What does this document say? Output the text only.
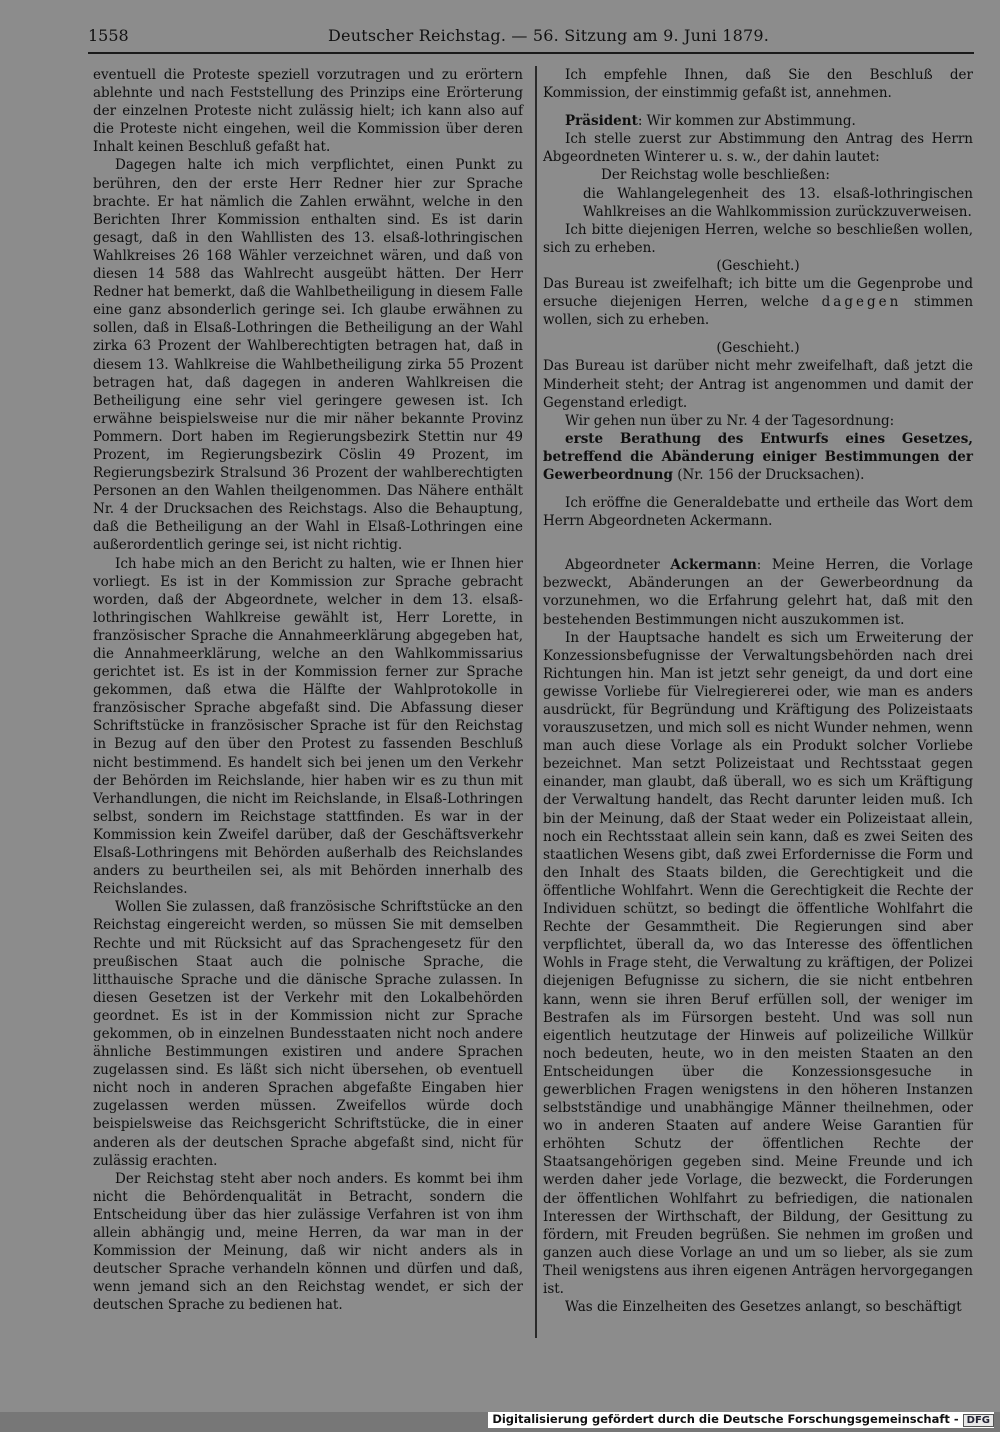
1558	Deutscher Reichstag. — 56. Sitzung am 9. Juni 1879.

eventuell die Proteste speziell vorzutragen und zu erörtern ablehnte und nach Feststellung des Prinzips eine Erörterung der einzelnen Proteste nicht zulässig hielt; ich kann also auf die Proteste nicht eingehen, weil die Kommission über deren Inhalt keinen Beschluß gefaßt hat.

Dagegen halte ich mich verpflichtet, einen Punkt zu berühren, den der erste Herr Redner hier zur Sprache brachte. Er hat nämlich die Zahlen erwähnt, welche in den Berichten Ihrer Kommission enthalten sind. Es ist darin gesagt, daß in den Wahllisten des 13. elsaß-lothringischen Wahlkreises 26 168 Wähler verzeichnet wären, und daß von diesen 14 588 das Wahlrecht ausgeübt hätten. Der Herr Redner hat bemerkt, daß die Wahlbetheiligung in diesem Falle eine ganz absonderlich geringe sei. Ich glaube erwähnen zu sollen, daß in Elsaß-Lothringen die Betheiligung an der Wahl zirka 63 Prozent der Wahlberechtigten betragen hat, daß in diesem 13. Wahlkreise die Wahlbetheiligung zirka 55 Prozent betragen hat, daß dagegen in anderen Wahlkreisen die Betheiligung eine sehr viel geringere gewesen ist. Ich erwähne beispielsweise nur die mir näher bekannte Provinz Pommern. Dort haben im Regierungsbezirk Stettin nur 49 Prozent, im Regierungsbezirk Cöslin 49 Prozent, im Regierungsbezirk Stralsund 36 Prozent der wahlberechtigten Personen an den Wahlen theilgenommen. Das Nähere enthält Nr. 4 der Drucksachen des Reichstags. Also die Behauptung, daß die Betheiligung an der Wahl in Elsaß-Lothringen eine außerordentlich geringe sei, ist nicht richtig.

Ich habe mich an den Bericht zu halten, wie er Ihnen hier vorliegt. Es ist in der Kommission zur Sprache gebracht worden, daß der Abgeordnete, welcher in dem 13. elsaß-lothringischen Wahlkreise gewählt ist, Herr Lorette, in französischer Sprache die Annahmeerklärung abgegeben hat, die Annahmeerklärung, welche an den Wahlkommissarius gerichtet ist. Es ist in der Kommission ferner zur Sprache gekommen, daß etwa die Hälfte der Wahlprotokolle in französischer Sprache abgefaßt sind. Die Abfassung dieser Schriftstücke in französischer Sprache ist für den Reichstag in Bezug auf den über den Protest zu fassenden Beschluß nicht bestimmend. Es handelt sich bei jenen um den Verkehr der Behörden im Reichslande, hier haben wir es zu thun mit Verhandlungen, die nicht im Reichslande, in Elsaß-Lothringen selbst, sondern im Reichstage stattfinden. Es war in der Kommission kein Zweifel darüber, daß der Geschäftsverkehr Elsaß-Lothringens mit Behörden außerhalb des Reichslandes anders zu beurtheilen sei, als mit Behörden innerhalb des Reichslandes.

Wollen Sie zulassen, daß französische Schriftstücke an den Reichstag eingereicht werden, so müssen Sie mit demselben Rechte und mit Rücksicht auf das Sprachengesetz für den preußischen Staat auch die polnische Sprache, die litthauische Sprache und die dänische Sprache zulassen. In diesen Gesetzen ist der Verkehr mit den Lokalbehörden geordnet. Es ist in der Kommission nicht zur Sprache gekommen, ob in einzelnen Bundesstaaten nicht noch andere ähnliche Bestimmungen existiren und andere Sprachen zugelassen sind. Es läßt sich nicht übersehen, ob eventuell nicht noch in anderen Sprachen abgefaßte Eingaben hier zugelassen werden müssen. Zweifellos würde doch beispielsweise das Reichsgericht Schriftstücke, die in einer anderen als der deutschen Sprache abgefaßt sind, nicht für zulässig erachten.

Der Reichstag steht aber noch anders. Es kommt bei ihm nicht die Behördenqualität in Betracht, sondern die Entscheidung über das hier zulässige Verfahren ist von ihm allein abhängig und, meine Herren, da war man in der Kommission der Meinung, daß wir nicht anders als in deutscher Sprache verhandeln können und dürfen und daß, wenn jemand sich an den Reichstag wendet, er sich der deutschen Sprache zu bedienen hat.

Ich empfehle Ihnen, daß Sie den Beschluß der Kommission, der einstimmig gefaßt ist, annehmen.

Präsident: Wir kommen zur Abstimmung.

Ich stelle zuerst zur Abstimmung den Antrag des Herrn Abgeordneten Winterer u. s. w., der dahin lautet:

Der Reichstag wolle beschließen:

die Wahlangelegenheit des 13. elsaß-lothringischen Wahlkreises an die Wahlkommission zurückzuverweisen.

Ich bitte diejenigen Herren, welche so beschließen wollen, sich zu erheben.

(Geschieht.)

Das Bureau ist zweifelhaft; ich bitte um die Gegenprobe und ersuche diejenigen Herren, welche dagegen stimmen wollen, sich zu erheben.

(Geschieht.)

Das Bureau ist darüber nicht mehr zweifelhaft, daß jetzt die Minderheit steht; der Antrag ist angenommen und damit der Gegenstand erledigt.

Wir gehen nun über zu Nr. 4 der Tagesordnung:

erste Berathung des Entwurfs eines Gesetzes, betreffend die Abänderung einiger Bestimmungen der Gewerbeordnung (Nr. 156 der Drucksachen).

Ich eröffne die Generaldebatte und ertheile das Wort dem Herrn Abgeordneten Ackermann.

Abgeordneter Ackermann: Meine Herren, die Vorlage bezweckt, Abänderungen an der Gewerbeordnung da vorzunehmen, wo die Erfahrung gelehrt hat, daß mit den bestehenden Bestimmungen nicht auszukommen ist.

In der Hauptsache handelt es sich um Erweiterung der Konzessionsbefugnisse der Verwaltungsbehörden nach drei Richtungen hin. Man ist jetzt sehr geneigt, da und dort eine gewisse Vorliebe für Vielregiererei oder, wie man es anders ausdrückt, für Begründung und Kräftigung des Polizeistaats vorauszusetzen, und mich soll es nicht Wunder nehmen, wenn man auch diese Vorlage als ein Produkt solcher Vorliebe bezeichnet. Man setzt Polizeistaat und Rechtsstaat gegen einander, man glaubt, daß überall, wo es sich um Kräftigung der Verwaltung handelt, das Recht darunter leiden muß. Ich bin der Meinung, daß der Staat weder ein Polizeistaat allein, noch ein Rechtsstaat allein sein kann, daß es zwei Seiten des staatlichen Wesens gibt, daß zwei Erfordernisse die Form und den Inhalt des Staats bilden, die Gerechtigkeit und die öffentliche Wohlfahrt. Wenn die Gerechtigkeit die Rechte der Individuen schützt, so bedingt die öffentliche Wohlfahrt die Rechte der Gesammtheit. Die Regierungen sind aber verpflichtet, überall da, wo das Interesse des öffentlichen Wohls in Frage steht, die Verwaltung zu kräftigen, der Polizei diejenigen Befugnisse zu sichern, die sie nicht entbehren kann, wenn sie ihren Beruf erfüllen soll, der weniger im Bestrafen als im Fürsorgen besteht. Und was soll nun eigentlich heutzutage der Hinweis auf polizeiliche Willkür noch bedeuten, heute, wo in den meisten Staaten an den Entscheidungen über die Konzessionsgesuche in gewerblichen Fragen wenigstens in den höheren Instanzen selbstständige und unabhängige Männer theilnehmen, oder wo in anderen Staaten auf andere Weise Garantien für erhöhten Schutz der öffentlichen Rechte der Staatsangehörigen gegeben sind. Meine Freunde und ich werden daher jede Vorlage, die bezweckt, die Forderungen der öffentlichen Wohlfahrt zu befriedigen, die nationalen Interessen der Wirthschaft, der Bildung, der Gesittung zu fördern, mit Freuden begrüßen. Sie nehmen im großen und ganzen auch diese Vorlage an und um so lieber, als sie zum Theil wenigstens aus ihren eigenen Anträgen hervorgegangen ist.

Was die Einzelheiten des Gesetzes anlangt, so beschäftigt

Digitalisierung gefördert durch die Deutsche Forschungsgemeinschaft - DFG
